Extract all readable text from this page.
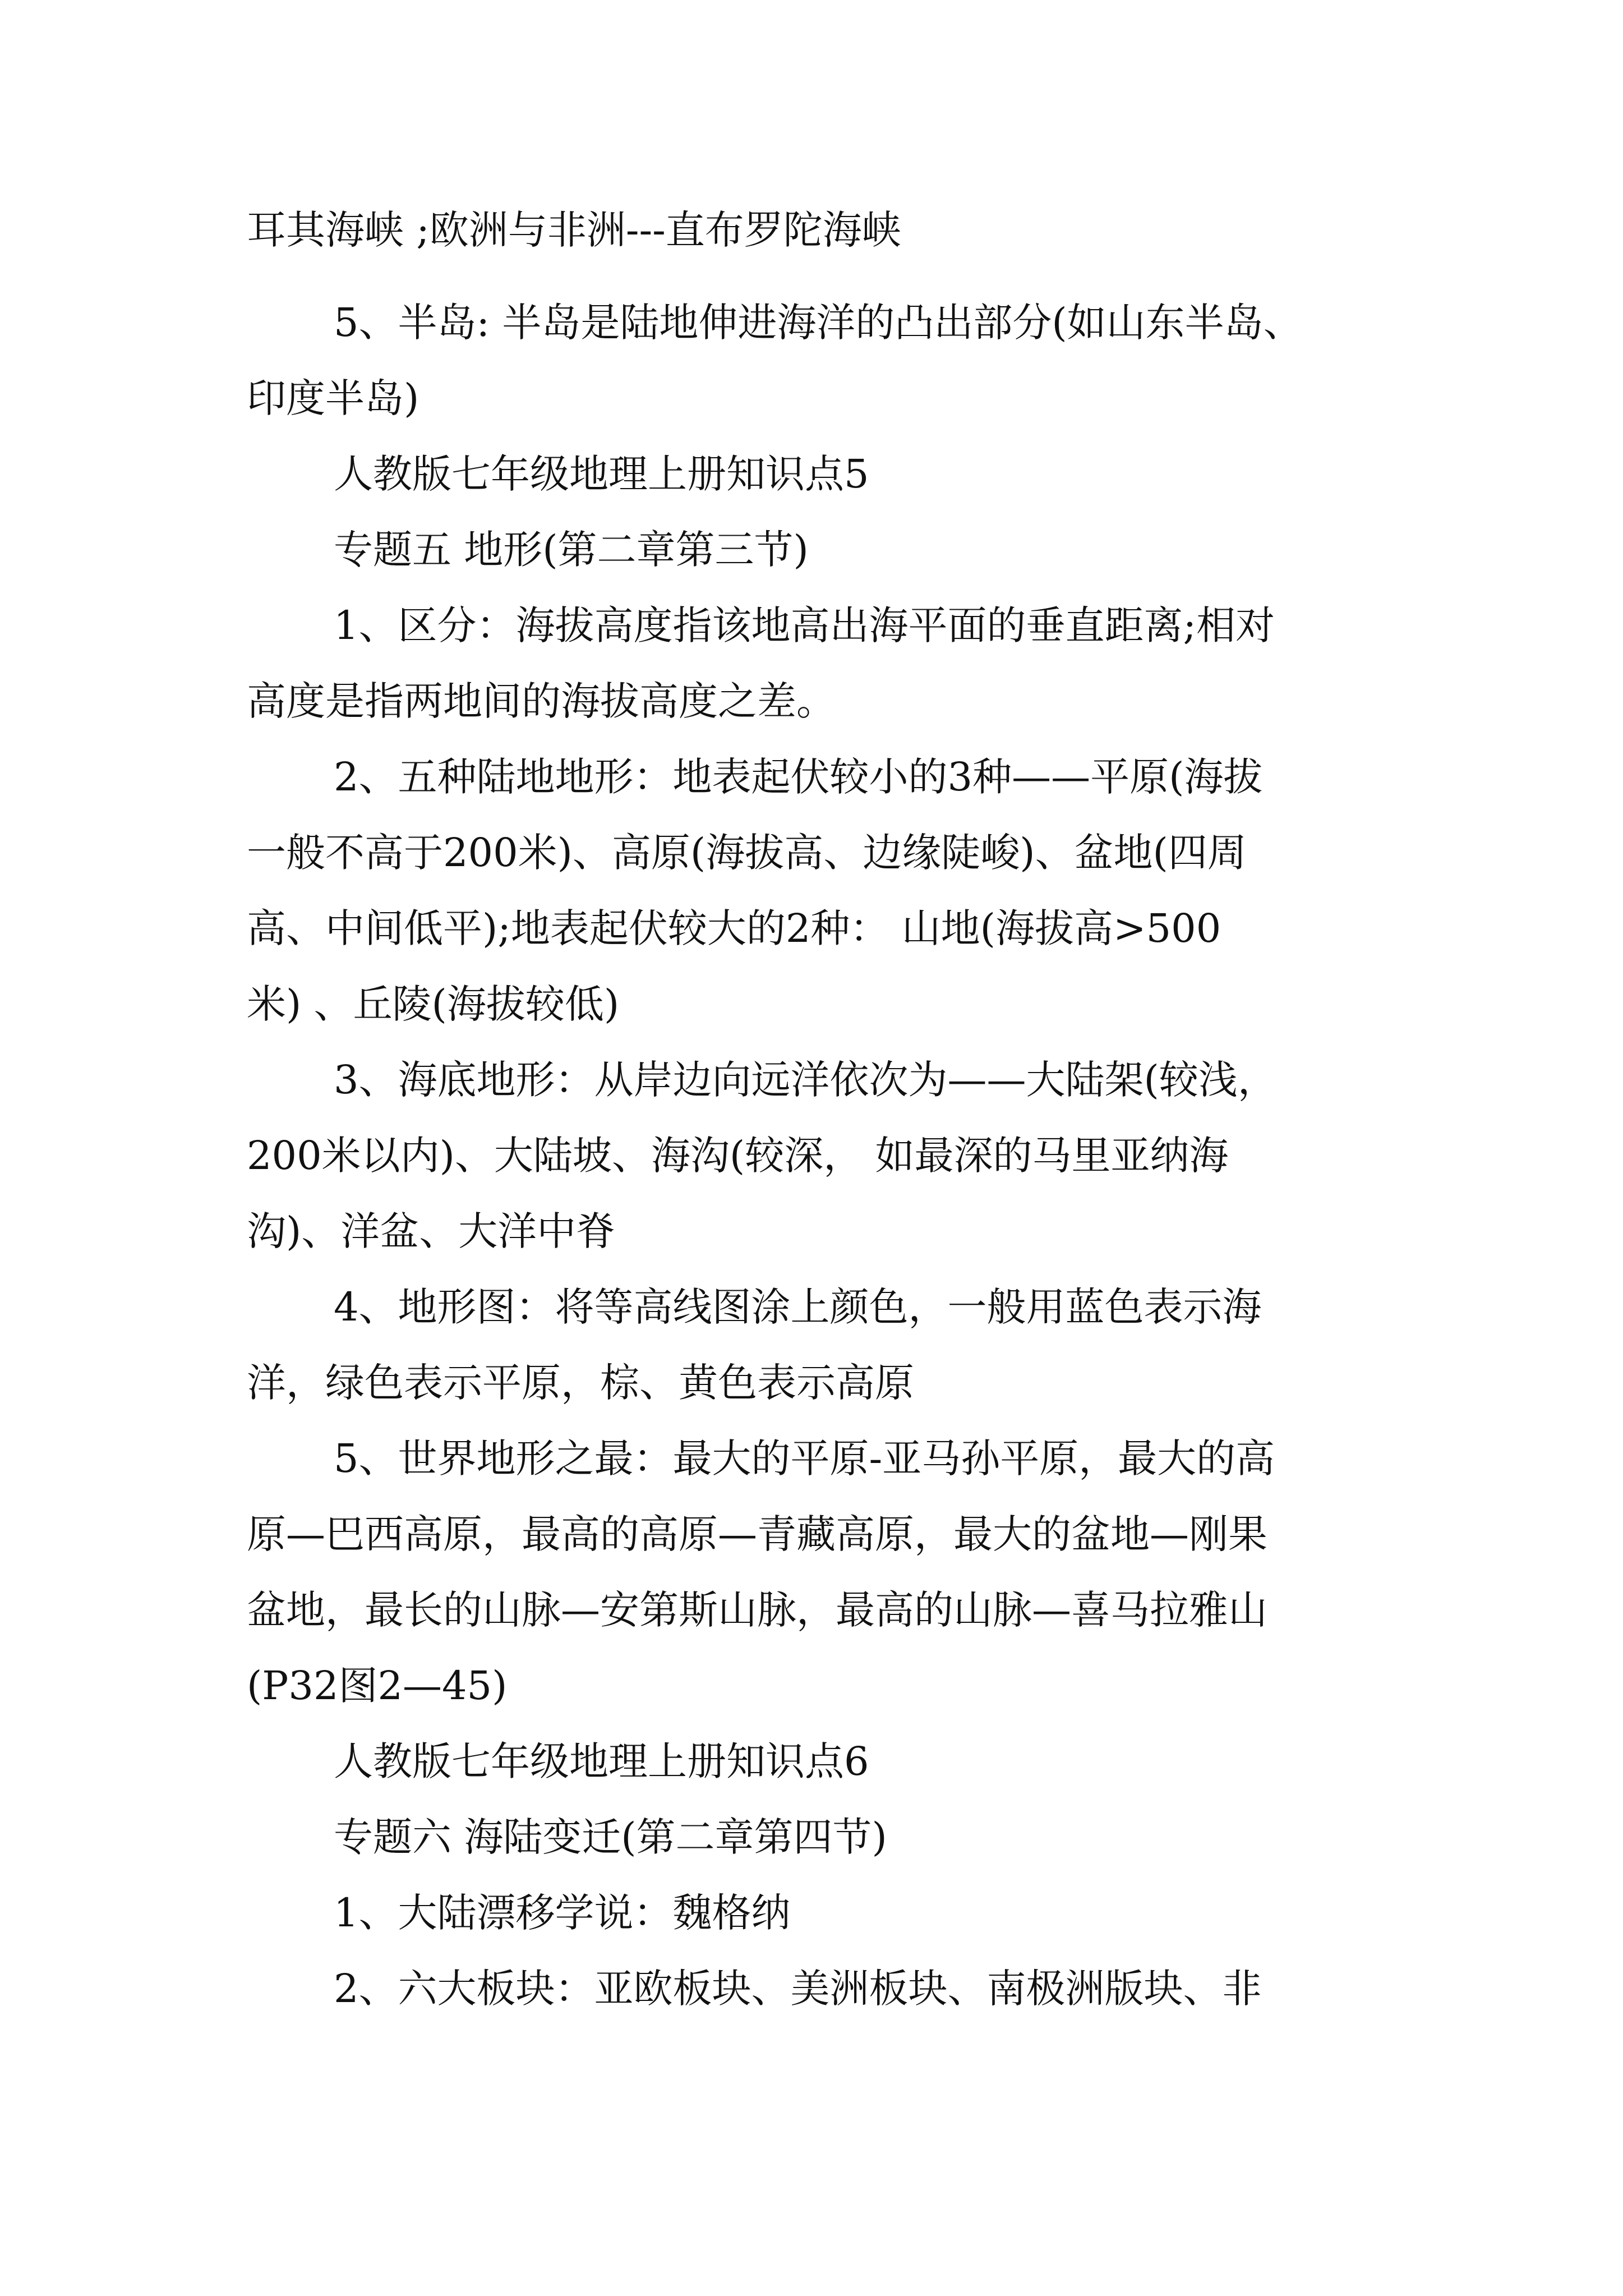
耳其海峡 ;欧洲与非洲---直布罗陀海峡
5、半岛: 半岛是陆地伸进海洋的凸出部分(如山东半岛、
印度半岛)
人教版七年级地理上册知识点5
专题五 地形(第二章第三节)
1、区分：海拔高度指该地高出海平面的垂直距离;相对
高度是指两地间的海拔高度之差。
2、五种陆地地形：地表起伏较小的3种——平原(海拔
一般不高于200米)、高原(海拔高、边缘陡峻)、盆地(四周
高、中间低平);地表起伏较大的2种： 山地(海拔高>500
米) 、丘陵(海拔较低)
3、海底地形：从岸边向远洋依次为——大陆架(较浅，
200米以内)、大陆坡、海沟(较深， 如最深的马里亚纳海
沟)、洋盆、大洋中脊
4、地形图：将等高线图涂上颜色，一般用蓝色表示海
洋，绿色表示平原，棕、黄色表示高原
5、世界地形之最：最大的平原-亚马孙平原，最大的高
原—巴西高原，最高的高原—青藏高原，最大的盆地—刚果
盆地，最长的山脉—安第斯山脉，最高的山脉—喜马拉雅山
(P32图2—45)
人教版七年级地理上册知识点6
专题六 海陆变迁(第二章第四节)
1、大陆漂移学说：魏格纳
2、六大板块：亚欧板块、美洲板块、南极洲版块、非
